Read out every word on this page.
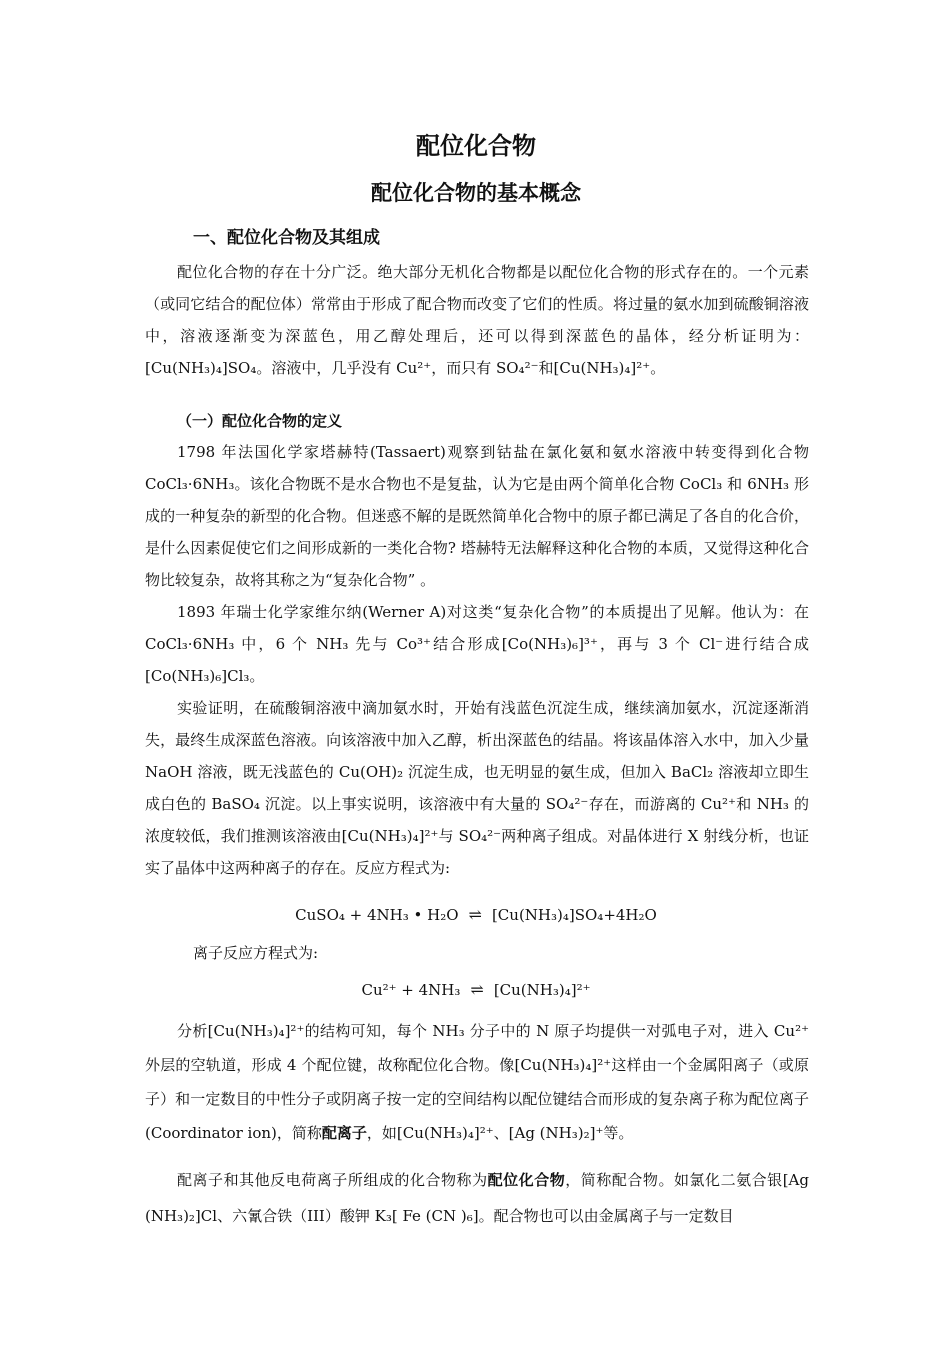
配位化合物
配位化合物的基本概念
一、配位化合物及其组成

配位化合物的存在十分广泛。绝大部分无机化合物都是以配位化合物的形式存在的。一个元素（或同它结合的配位体）常常由于形成了配合物而改变了它们的性质。将过量的氨水加到硫酸铜溶液中，溶液逐渐变为深蓝色，用乙醇处理后，还可以得到深蓝色的晶体，经分析证明为：[Cu(NH₃)₄]SO₄。溶液中，几乎没有 Cu²⁺，而只有 SO₄²⁻和[Cu(NH₃)₄]²⁺。

（一）配位化合物的定义

1798 年法国化学家塔赫特(Tassaert)观察到钴盐在氯化氨和氨水溶液中转变得到化合物 CoCl₃·6NH₃。该化合物既不是水合物也不是复盐，认为它是由两个简单化合物 CoCl₃ 和 6NH₃ 形成的一种复杂的新型的化合物。但迷惑不解的是既然简单化合物中的原子都已满足了各自的化合价， 是什么因素促使它们之间形成新的一类化合物? 塔赫特无法解释这种化合物的本质，又觉得这种化合物比较复杂，故将其称之为“复杂化合物” 。

1893 年瑞士化学家维尔纳(Werner A)对这类“复杂化合物”的本质提出了见解。他认为：在 CoCl₃·6NH₃ 中，6 个 NH₃ 先与 Co³⁺结合形成[Co(NH₃)₆]³⁺，再与 3 个 Cl⁻进行结合成[Co(NH₃)₆]Cl₃。

实验证明，在硫酸铜溶液中滴加氨水时，开始有浅蓝色沉淀生成，继续滴加氨水，沉淀逐渐消失，最终生成深蓝色溶液。向该溶液中加入乙醇，析出深蓝色的结晶。将该晶体溶入水中，加入少量 NaOH 溶液，既无浅蓝色的 Cu(OH)₂ 沉淀生成，也无明显的氨生成，但加入 BaCl₂ 溶液却立即生成白色的 BaSO₄ 沉淀。以上事实说明，该溶液中有大量的 SO₄²⁻存在，而游离的 Cu²⁺和 NH₃ 的浓度较低，我们推测该溶液由[Cu(NH₃)₄]²⁺与 SO₄²⁻两种离子组成。对晶体进行 X 射线分析，也证实了晶体中这两种离子的存在。反应方程式为:

CuSO₄ + 4NH₃ • H₂O ⇌ [Cu(NH₃)₄]SO₄+4H₂O
离子反应方程式为:
Cu²⁺ + 4NH₃ ⇌ [Cu(NH₃)₄]²⁺

分析[Cu(NH₃)₄]²⁺的结构可知，每个 NH₃ 分子中的 N 原子均提供一对弧电子对，进入 Cu²⁺外层的空轨道，形成 4 个配位键，故称配位化合物。像[Cu(NH₃)₄]²⁺这样由一个金属阳离子（或原子）和一定数目的中性分子或阴离子按一定的空间结构以配位键结合而形成的复杂离子称为配位离子(Coordinator ion)，简称配离子，如[Cu(NH₃)₄]²⁺、[Ag (NH₃)₂]⁺等。

配离子和其他反电荷离子所组成的化合物称为配位化合物，简称配合物。如氯化二氨合银[Ag (NH₃)₂]Cl、六氰合铁（III）酸钾 K₃[ Fe (CN )₆]。配合物也可以由金属离子与一定数目
